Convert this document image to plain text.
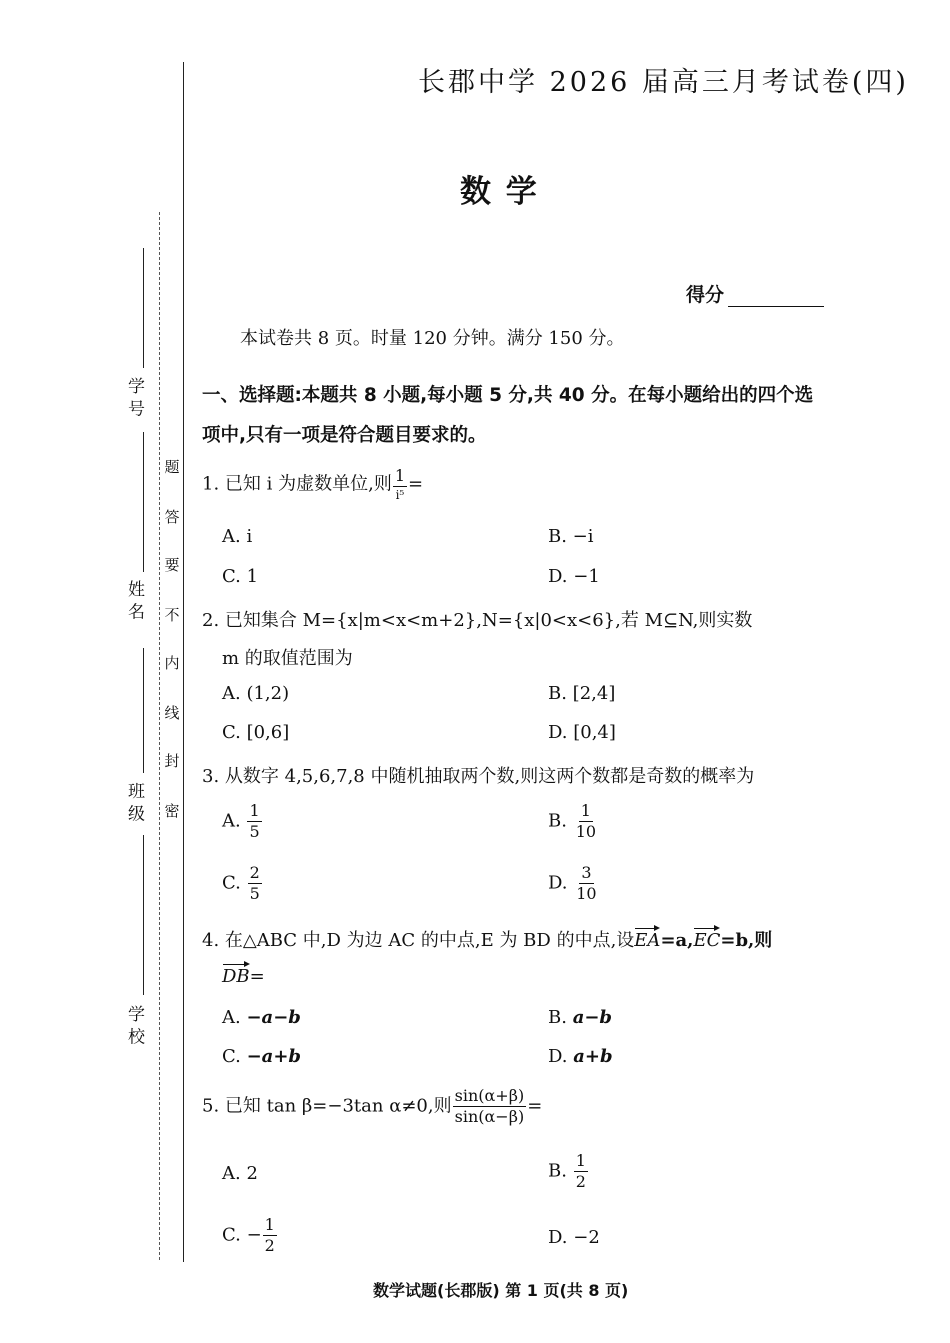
学 号
姓 名
班 级
学 校
题
答
要
不
内
线
封
密
长郡中学 2026 届高三月考试卷(四)
数 学
得分
本试卷共 8 页。时量 120 分钟。满分 150 分。
一、选择题:本题共 8 小题,每小题 5 分,共 40 分。在每小题给出的四个选项中,只有一项是符合题目要求的。
1. 已知 i 为虚数单位,则 $\frac{1}{\text{i⁵}}$ =
A. i	B. −i
C. 1	D. −1
2. 已知集合 M={x|m<x<m+2},N={x|0<x<6},若 M⊆N,则实数
m 的取值范围为
A. (1,2)	B. [2,4]
C. [0,6]	D. [0,4]
3. 从数字 4,5,6,7,8 中随机抽取两个数,则这两个数都是奇数的概率为
A. $\frac{1}{5}$	B. $\frac{1}{10}$
C. $\frac{2}{5}$	D. $\frac{3}{10}$
4. 在△ABC 中,D 为边 AC 的中点,E 为 BD 的中点,设EA=a,EC=b,则
DB=
A. −a−b	B. a−b
C. −a+b	D. a+b
5. 已知 tan β=−3tan α≠0,则 $\frac{\sin(\alpha+\beta)}{\sin(\alpha-\beta)}$ =
A. 2	B. $\frac{1}{2}$
C. − $\frac{1}{2}$	D. −2
数学试题(长郡版) 第 1 页(共 8 页)
